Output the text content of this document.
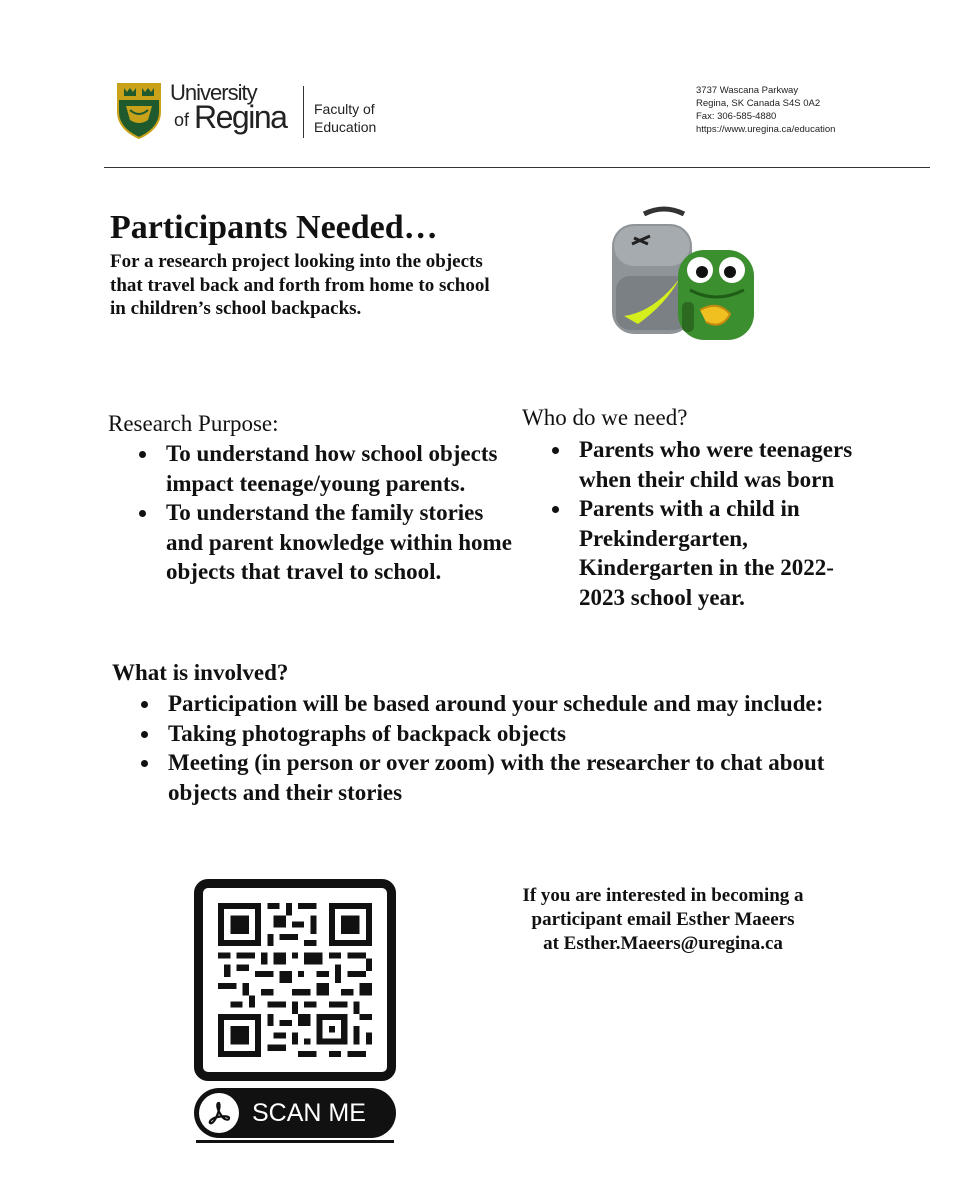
University
of Regina Faculty of
Education
3737 Wascana Parkway
Regina, SK Canada S4S 0A2
Fax: 306-585-4880
https://www.uregina.ca/education
Participants Needed…
For a research project looking into the objects that travel back and forth from home to school in children’s school backpacks.
Research Purpose:
To understand how school objects impact teenage/young parents.
To understand the family stories and parent knowledge within home objects that travel to school.
Who do we need?
Parents who were teenagers when their child was born
Parents with a child in Prekindergarten, Kindergarten in the 2022-2023 school year.
What is involved?
Participation will be based around your schedule and may include:
Taking photographs of backpack objects
Meeting (in person or over zoom) with the researcher to chat about objects and their stories
SCAN ME
If you are interested in becoming a
participant email Esther Maeers
at Esther.Maeers@uregina.ca
